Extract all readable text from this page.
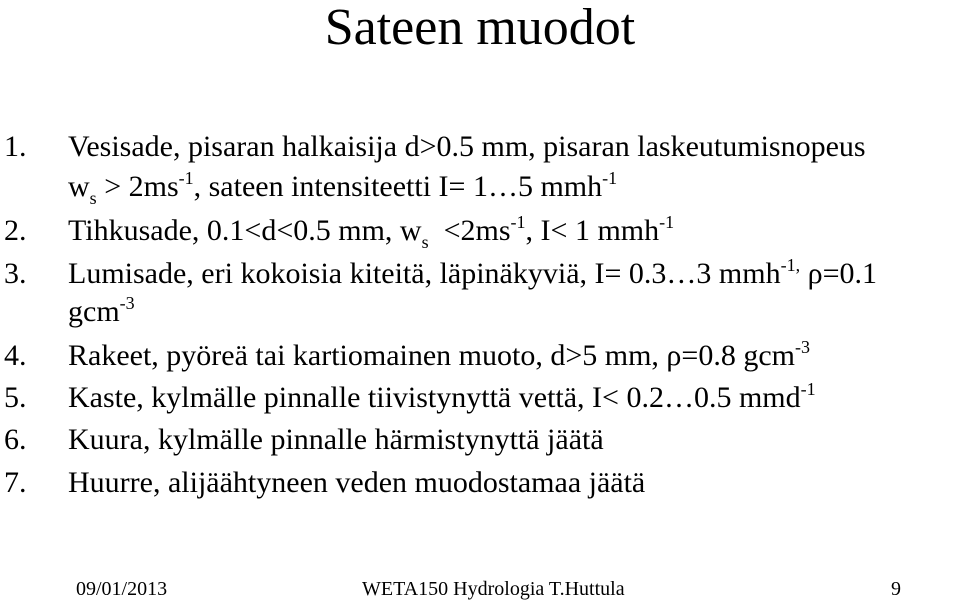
Sateen muodot
1. Vesisade, pisaran halkaisija d>0.5 mm, pisaran laskeutumisnopeus
$w_s > 2ms^{-1}$, sateen intensiteetti I= 1…5 mmh$^{-1}$
2. Tihkusade, 0.1<d<0.5 mm, $w_s <2ms^{-1}$, I< 1 mmh$^{-1}$
3. Lumisade, eri kokoisia kiteitä, läpinäkyviä, I= 0.3…3 mmh$^{-1,}$ ρ=0.1
gcm$^{-3}$
4. Rakeet, pyöreä tai kartiomainen muoto, d>5 mm, ρ=0.8 gcm$^{-3}$
5. Kaste, kylmälle pinnalle tiivistynyttä vettä, I< 0.2…0.5 mmd$^{-1}$
6. Kuura, kylmälle pinnalle härmistynyttä jäätä
7. Huurre, alijäähtyneen veden muodostamaa jäätä
09/01/2013	WETA150 Hydrologia T.Huttula	9
